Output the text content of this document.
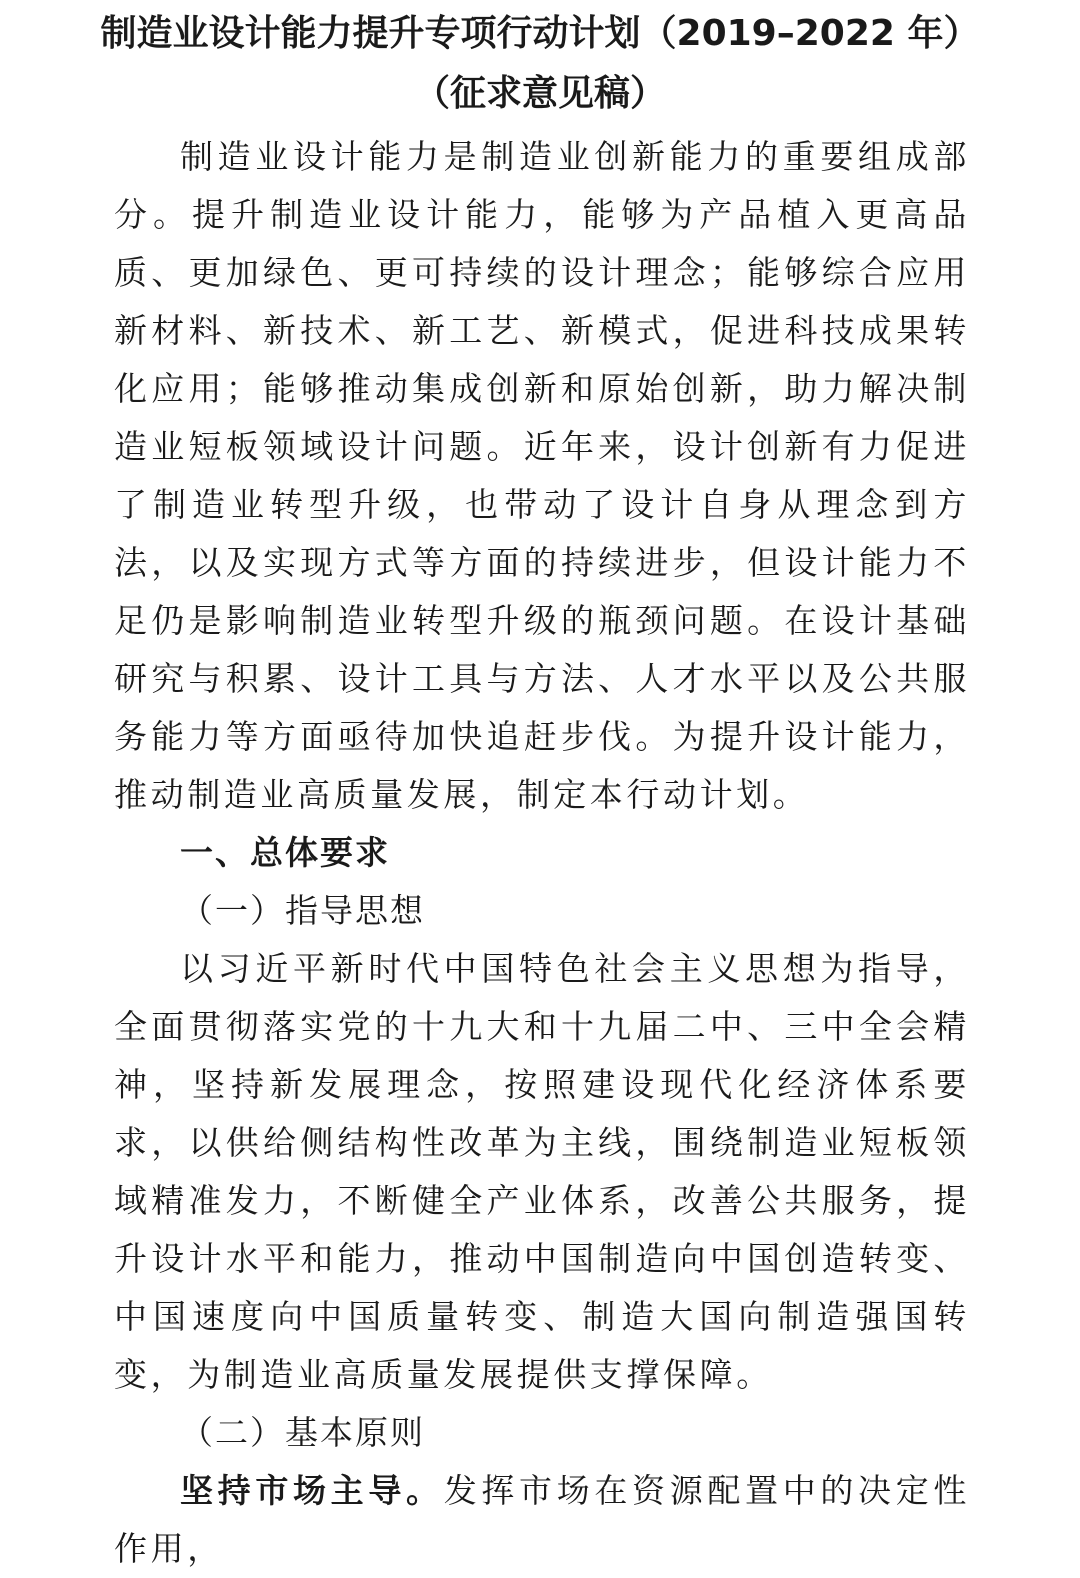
制造业设计能力提升专项行动计划（2019–2022 年）
（征求意见稿）

制造业设计能力是制造业创新能力的重要组成部分。提升制造业设计能力，能够为产品植入更高品质、更加绿色、更可持续的设计理念；能够综合应用新材料、新技术、新工艺、新模式，促进科技成果转化应用；能够推动集成创新和原始创新，助力解决制造业短板领域设计问题。近年来，设计创新有力促进了制造业转型升级，也带动了设计自身从理念到方法，以及实现方式等方面的持续进步，但设计能力不足仍是影响制造业转型升级的瓶颈问题。在设计基础研究与积累、设计工具与方法、人才水平以及公共服务能力等方面亟待加快追赶步伐。为提升设计能力，推动制造业高质量发展，制定本行动计划。

一、总体要求

（一）指导思想

以习近平新时代中国特色社会主义思想为指导，全面贯彻落实党的十九大和十九届二中、三中全会精神，坚持新发展理念，按照建设现代化经济体系要求，以供给侧结构性改革为主线，围绕制造业短板领域精准发力，不断健全产业体系，改善公共服务，提升设计水平和能力，推动中国制造向中国创造转变、中国速度向中国质量转变、制造大国向制造强国转变，为制造业高质量发展提供支撑保障。

（二）基本原则

坚持市场主导。发挥市场在资源配置中的决定性作用，
